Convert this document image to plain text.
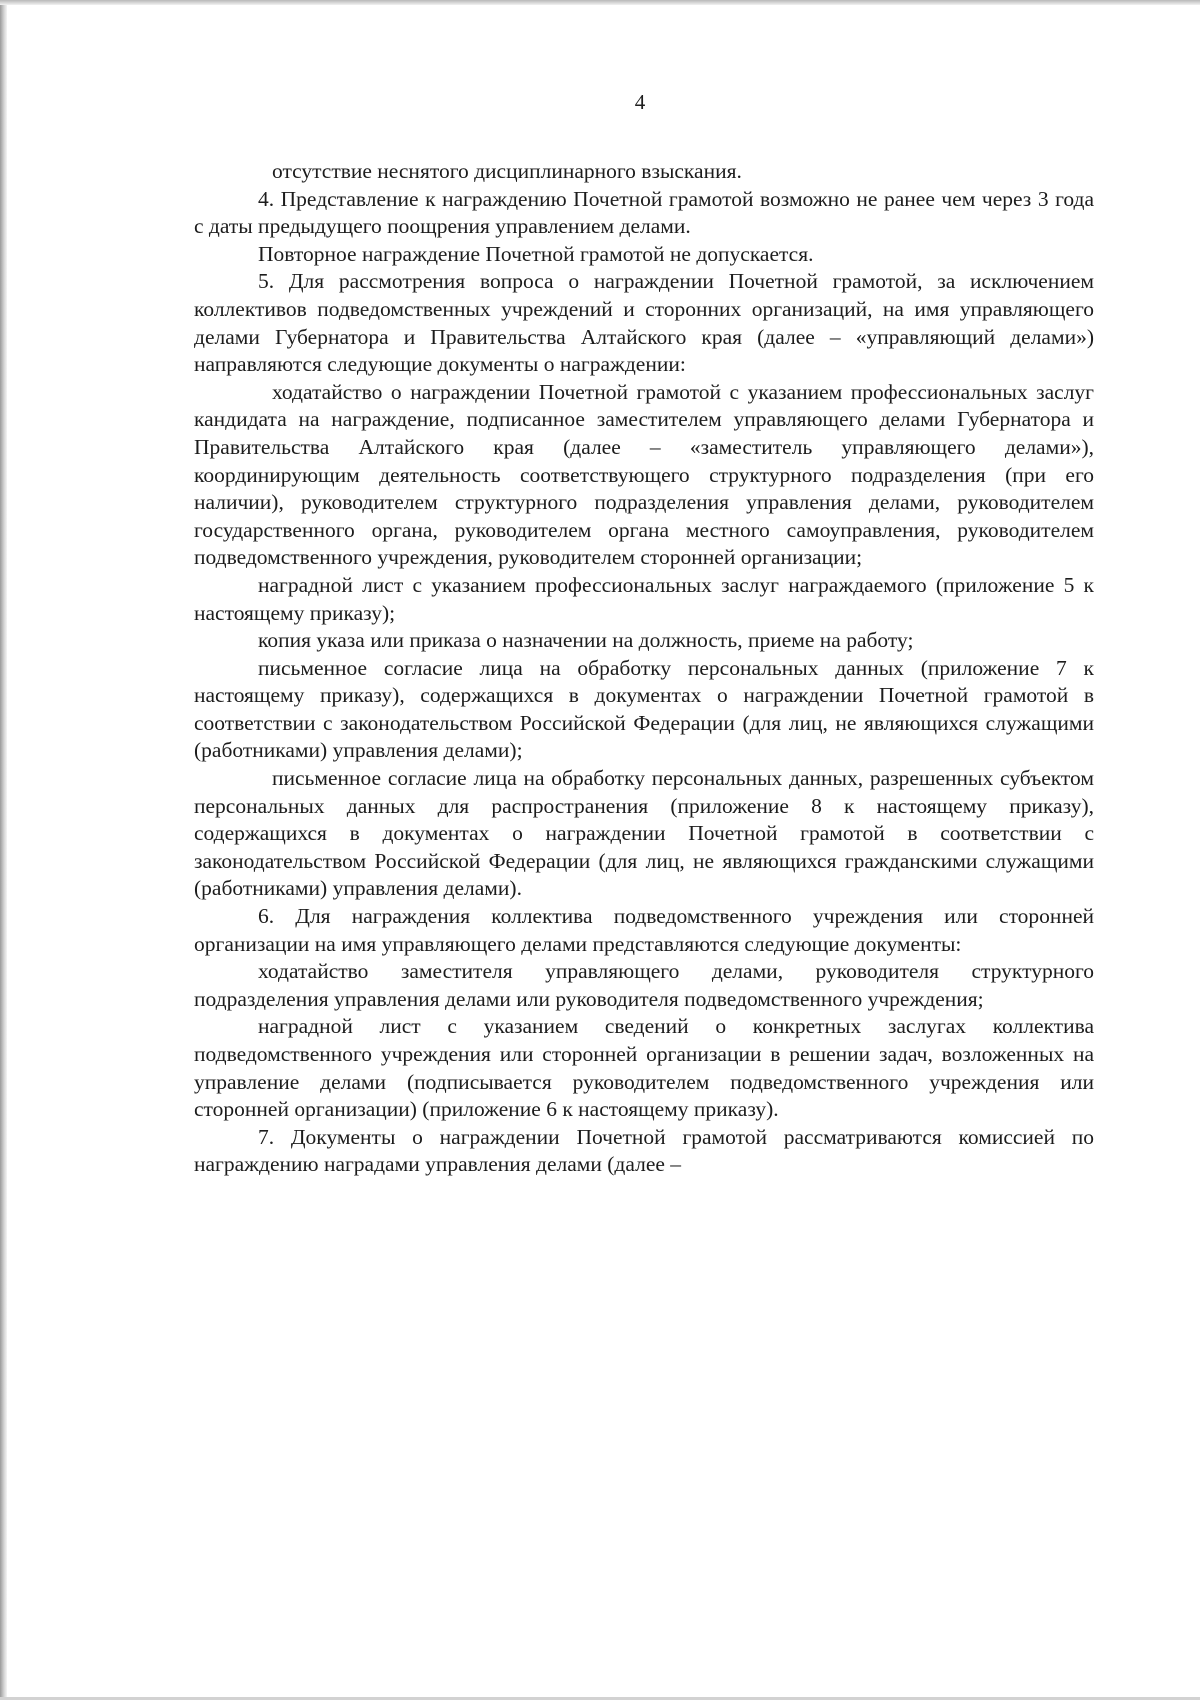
4

отсутствие неснятого дисциплинарного взыскания.

4. Представление к награждению Почетной грамотой возможно не ранее чем через 3 года с даты предыдущего поощрения управлением делами.

Повторное награждение Почетной грамотой не допускается.

5. Для рассмотрения вопроса о награждении Почетной грамотой, за исключением коллективов подведомственных учреждений и сторонних организаций, на имя управляющего делами Губернатора и Правительства Алтайского края (далее – «управляющий делами») направляются следующие документы о награждении:

ходатайство о награждении Почетной грамотой с указанием профессиональных заслуг кандидата на награждение, подписанное заместителем управляющего делами Губернатора и Правительства Алтайского края (далее – «заместитель управляющего делами»), координирующим деятельность соответствующего структурного подразделения (при его наличии), руководителем структурного подразделения управления делами, руководителем государственного органа, руководителем органа местного самоуправления, руководителем подведомственного учреждения, руководителем сторонней организации;

наградной лист с указанием профессиональных заслуг награждаемого (приложение 5 к настоящему приказу);

копия указа или приказа о назначении на должность, приеме на работу;

письменное согласие лица на обработку персональных данных (приложение 7 к настоящему приказу), содержащихся в документах о награждении Почетной грамотой в соответствии с законодательством Российской Федерации (для лиц, не являющихся служащими (работниками) управления делами);

письменное согласие лица на обработку персональных данных, разрешенных субъектом персональных данных для распространения (приложение 8 к настоящему приказу), содержащихся в документах о награждении Почетной грамотой в соответствии с законодательством Российской Федерации (для лиц, не являющихся гражданскими служащими (работниками) управления делами).

6. Для награждения коллектива подведомственного учреждения или сторонней организации на имя управляющего делами представляются следующие документы:

ходатайство заместителя управляющего делами, руководителя структурного подразделения управления делами или руководителя подведомственного учреждения;

наградной лист с указанием сведений о конкретных заслугах коллектива подведомственного учреждения или сторонней организации в решении задач, возложенных на управление делами (подписывается руководителем подведомственного учреждения или сторонней организации) (приложение 6 к настоящему приказу).

7. Документы о награждении Почетной грамотой рассматриваются комиссией по награждению наградами управления делами (далее –
